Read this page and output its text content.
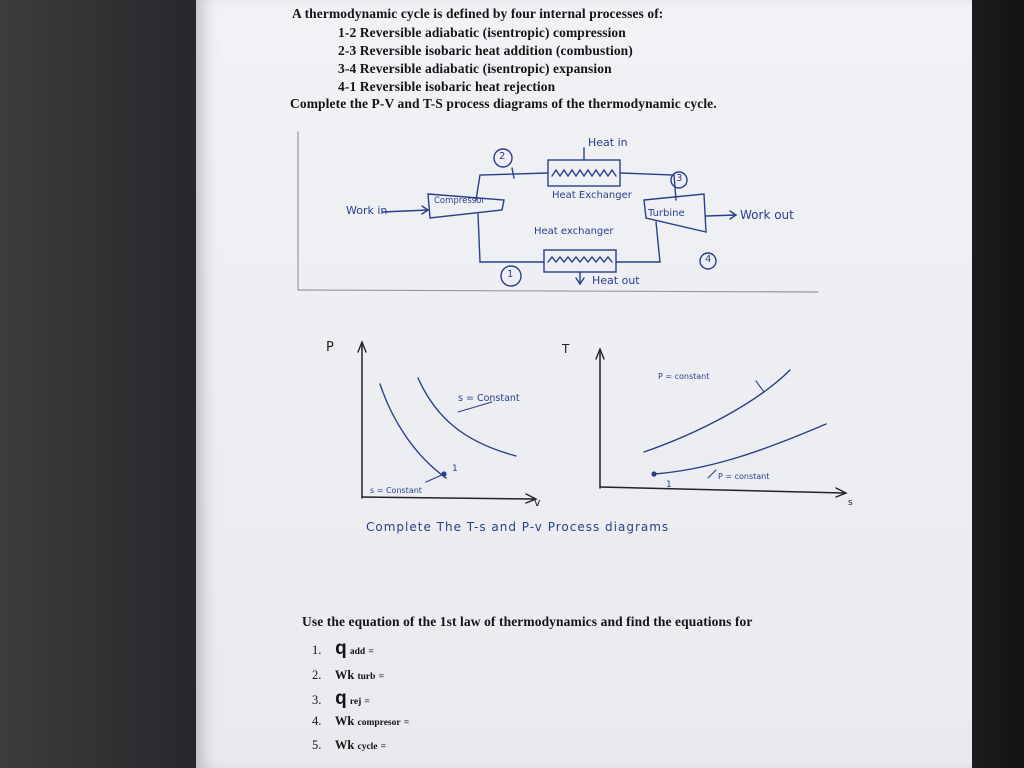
A thermodynamic cycle is defined by four internal processes of:
1-2 Reversible adiabatic (isentropic) compression
2-3 Reversible isobaric heat addition (combustion)
3-4 Reversible adiabatic (isentropic) expansion
4-1 Reversible isobaric heat rejection
Complete the P-V and T-S process diagrams of the thermodynamic cycle.
Heat in
Heat Exchanger
Compressor
Turbine
Work in	Work out
Heat exchanger
Heat out
1
2
3
4
P
v
s = Constant
s = Constant
1
T
s
P = constant
P = constant
1
Complete The T-s and P-v Process diagrams
Use the equation of the 1st law of thermodynamics and find the equations for
1. q add =
2. Wk turb =
3. q rej =
4. Wk compresor =
5. Wk cycle =
